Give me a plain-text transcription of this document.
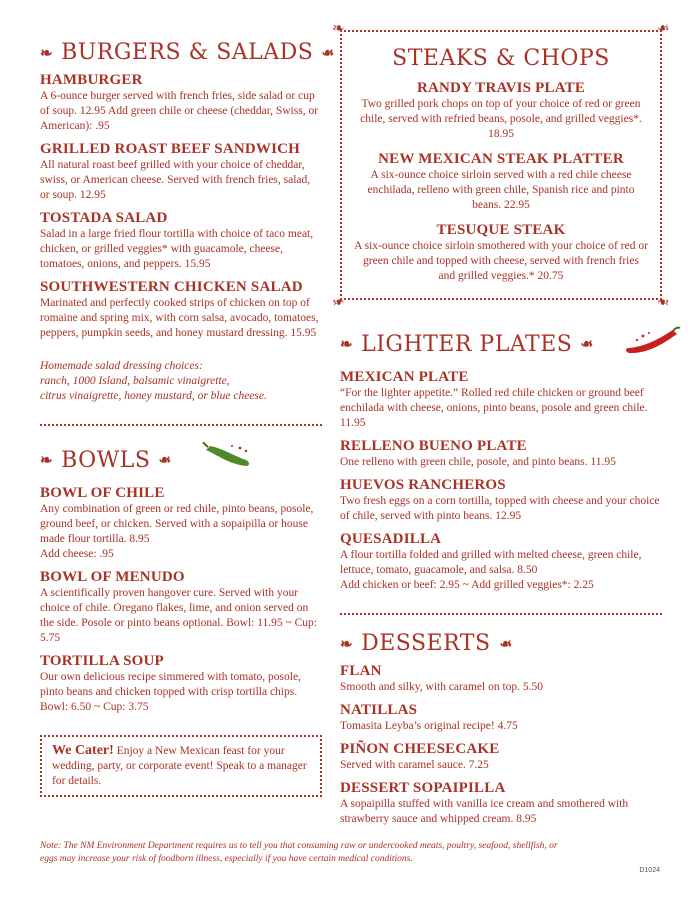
❧ BURGERS & SALADS ❧
HAMBURGER
A 6-ounce burger served with french fries, side salad or cup of soup. 12.95 Add green chile or cheese (cheddar, Swiss, or American): .95
GRILLED ROAST BEEF SANDWICH
All natural roast beef grilled with your choice of cheddar, swiss, or American cheese. Served with french fries, salad, or soup. 12.95
TOSTADA SALAD
Salad in a large fried flour tortilla with choice of taco meat, chicken, or grilled veggies* with guacamole, cheese, tomatoes, onions, and peppers. 15.95
SOUTHWESTERN CHICKEN SALAD
Marinated and perfectly cooked strips of chicken on top of romaine and spring mix, with corn salsa, avocado, tomatoes, peppers, pumpkin seeds, and honey mustard dressing. 15.95
Homemade salad dressing choices:
ranch, 1000 Island, balsamic vinaigrette,
citrus vinaigrette, honey mustard, or blue cheese.
❧ BOWLS ❧
BOWL OF CHILE
Any combination of green or red chile, pinto beans, posole, ground beef, or chicken. Served with a sopaipilla or house made flour tortilla. 8.95
Add cheese: .95
BOWL OF MENUDO
A scientifically proven hangover cure. Served with your choice of chile. Oregano flakes, lime, and onion served on the side. Posole or pinto beans optional. Bowl: 11.95 ~ Cup: 5.75
TORTILLA SOUP
Our own delicious recipe simmered with tomato, posole, pinto beans and chicken topped with crisp tortilla chips. Bowl: 6.50 ~ Cup: 3.75
We Cater! Enjoy a New Mexican feast for your wedding, party, or corporate event! Speak to a manager for details.
❧	❧
❧	❧
STEAKS & CHOPS
RANDY TRAVIS PLATE
Two grilled pork chops on top of your choice of red or green chile, served with refried beans, posole, and grilled veggies*. 18.95
NEW MEXICAN STEAK PLATTER
A six-ounce choice sirloin served with a red chile cheese enchilada, relleno with green chile, Spanish rice and pinto beans. 22.95
TESUQUE STEAK
A six-ounce choice sirloin smothered with your choice of red or green chile and topped with cheese, served with french fries and grilled veggies.* 20.75
❧ LIGHTER PLATES ❧
MEXICAN PLATE
“For the lighter appetite.” Rolled red chile chicken or ground beef enchilada with cheese, onions, pinto beans, posole and green chile. 11.95
RELLENO BUENO PLATE
One relleno with green chile, posole, and pinto beans. 11.95
HUEVOS RANCHEROS
Two fresh eggs on a corn tortilla, topped with cheese and your choice of chile, served with pinto beans. 12.95
QUESADILLA
A flour tortilla folded and grilled with melted cheese, green chile, lettuce, tomato, guacamole, and salsa. 8.50
Add chicken or beef: 2.95 ~ Add grilled veggies*: 2.25
❧ DESSERTS ❧
FLAN
Smooth and silky, with caramel on top. 5.50
NATILLAS
Tomasita Leyba’s original recipe! 4.75
PIÑON CHEESECAKE
Served with caramel sauce. 7.25
DESSERT SOPAIPILLA
A sopaipilla stuffed with vanilla ice cream and smothered with strawberry sauce and whipped cream. 8.95
Note: The NM Environment Department requires us to tell you that consuming raw or undercooked meats, poultry, seafood, shellfish, or eggs may increase your risk of foodborn illness, especially if you have certain medical conditions.
D1024
